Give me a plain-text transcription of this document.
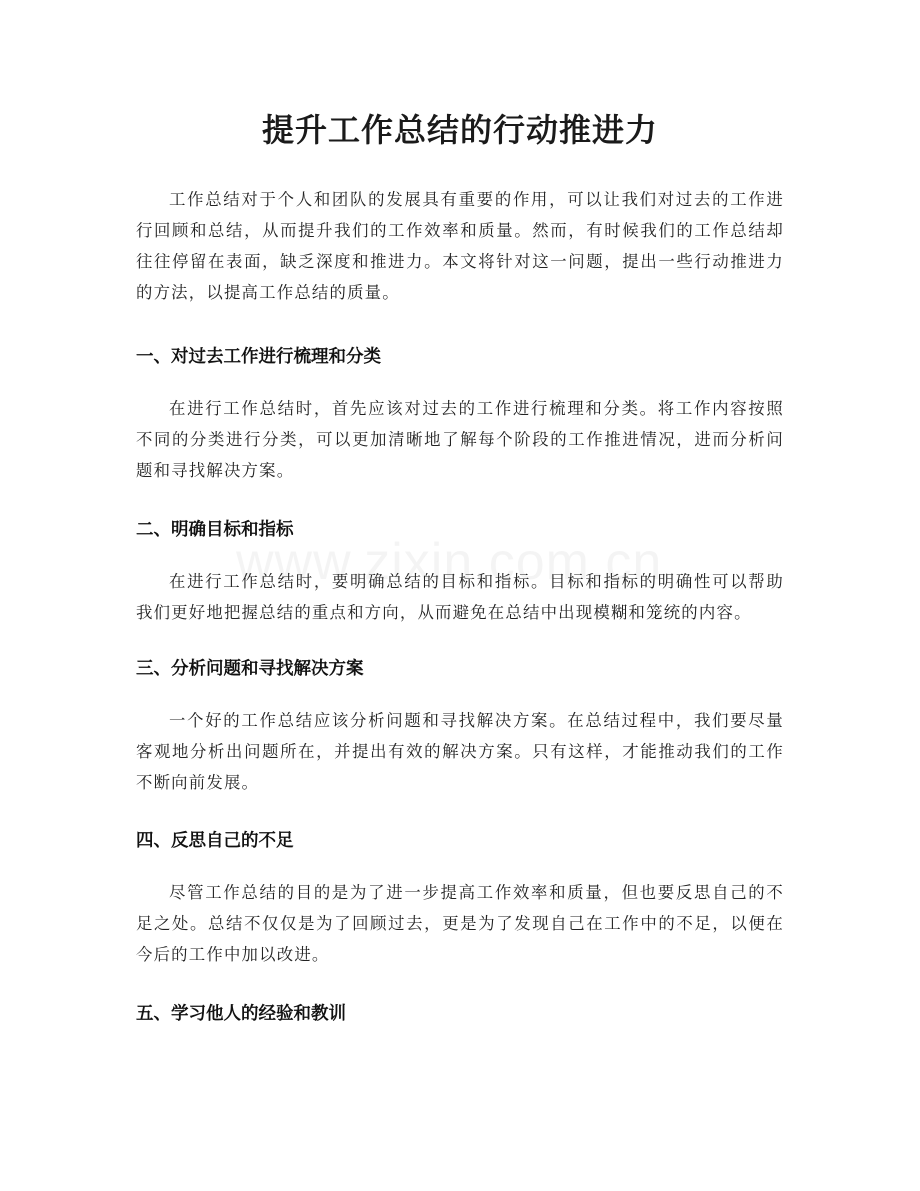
提升工作总结的行动推进力

工作总结对于个人和团队的发展具有重要的作用，可以让我们对过去的工作进行回顾和总结，从而提升我们的工作效率和质量。然而，有时候我们的工作总结却往往停留在表面，缺乏深度和推进力。本文将针对这一问题，提出一些行动推进力的方法，以提高工作总结的质量。

一、对过去工作进行梳理和分类

在进行工作总结时，首先应该对过去的工作进行梳理和分类。将工作内容按照不同的分类进行分类，可以更加清晰地了解每个阶段的工作推进情况，进而分析问题和寻找解决方案。

二、明确目标和指标

在进行工作总结时，要明确总结的目标和指标。目标和指标的明确性可以帮助我们更好地把握总结的重点和方向，从而避免在总结中出现模糊和笼统的内容。

三、分析问题和寻找解决方案

一个好的工作总结应该分析问题和寻找解决方案。在总结过程中，我们要尽量客观地分析出问题所在，并提出有效的解决方案。只有这样，才能推动我们的工作不断向前发展。

四、反思自己的不足

尽管工作总结的目的是为了进一步提高工作效率和质量，但也要反思自己的不足之处。总结不仅仅是为了回顾过去，更是为了发现自己在工作中的不足，以便在今后的工作中加以改进。

五、学习他人的经验和教训
